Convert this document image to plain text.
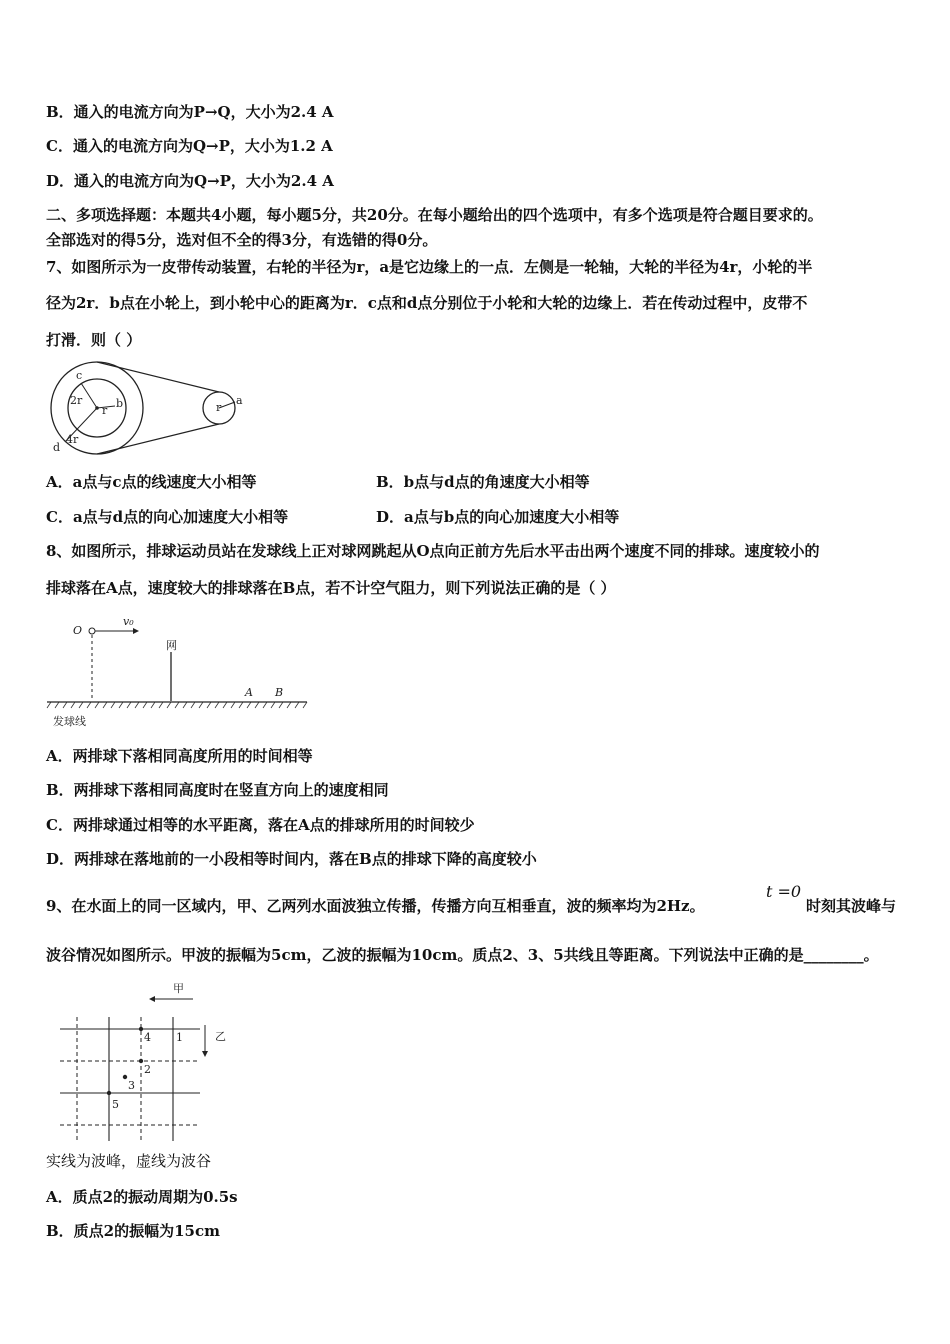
B．通入的电流方向为P→Q，大小为2.4 A
C．通入的电流方向为Q→P，大小为1.2 A
D．通入的电流方向为Q→P，大小为2.4 A
二、多项选择题：本题共4小题，每小题5分，共20分。在每小题给出的四个选项中，有多个选项是符合题目要求的。
全部选对的得5分，选对但不全的得3分，有选错的得0分。
7、如图所示为一皮带传动装置，右轮的半径为r，a是它边缘上的一点．左侧是一轮轴，大轮的半径为4r，小轮的半
径为2r．b点在小轮上，到小轮中心的距离为r．c点和d点分别位于小轮和大轮的边缘上．若在传动过程中，皮带不
打滑．则（ ）
c
2r
r
b
d
4r
r
a
A．a点与c点的线速度大小相等	B．b点与d点的角速度大小相等
C．a点与d点的向心加速度大小相等	D．a点与b点的向心加速度大小相等
8、如图所示，排球运动员站在发球线上正对球网跳起从O点向正前方先后水平击出两个速度不同的排球。速度较小的
排球落在A点，速度较大的排球落在B点，若不计空气阻力，则下列说法正确的是（ ）
O
v₀
网
A B
发球线
A．两排球下落相同高度所用的时间相等
B．两排球下落相同高度时在竖直方向上的速度相同
C．两排球通过相等的水平距离，落在A点的排球所用的时间较少
D．两排球在落地前的一小段相等时间内，落在B点的排球下降的高度较小
9、在水面上的同一区域内，甲、乙两列水面波独立传播，传播方向互相垂直，波的频率均为2Hz。
t =0
时刻其波峰与
波谷情况如图所示。甲波的振幅为5cm，乙波的振幅为10cm。质点2、3、5共线且等距离。下列说法中正确的是________。
甲
乙
1
2
3
4
5
实线为波峰，虚线为波谷
A．质点2的振动周期为0.5s
B．质点2的振幅为15cm
